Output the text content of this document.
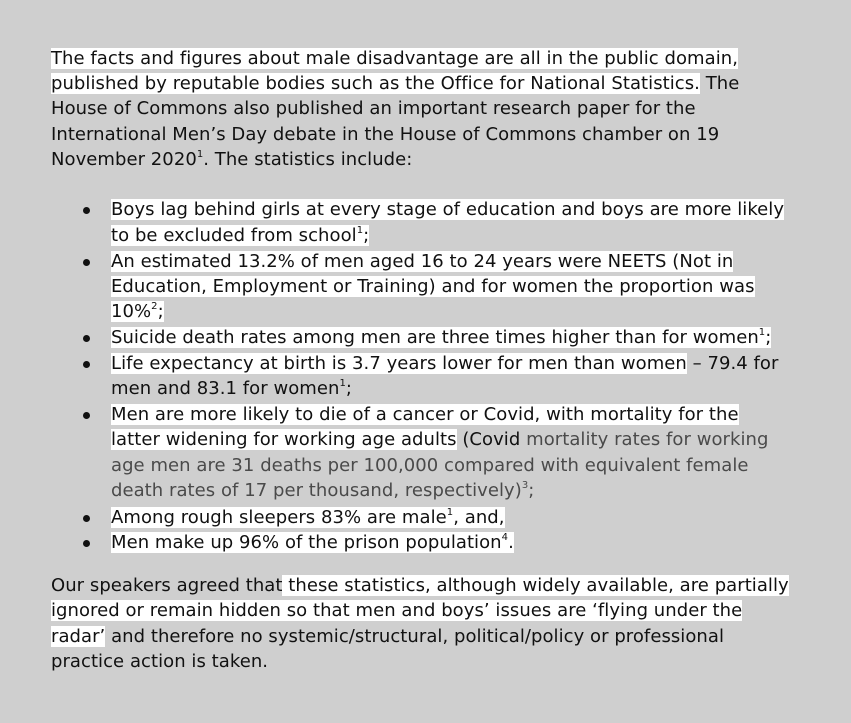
The facts and figures about male disadvantage are all in the public domain,
published by reputable bodies such as the Office for National Statistics. The
House of Commons also published an important research paper for the
International Men’s Day debate in the House of Commons chamber on 19
November 2020$^1$. The statistics include:
Boys lag behind girls at every stage of education and boys are more likely
to be excluded from school$^1$;
An estimated 13.2% of men aged 16 to 24 years were NEETS (Not in
Education, Employment or Training) and for women the proportion was
10%$^2$;
Suicide death rates among men are three times higher than for women$^1$;
Life expectancy at birth is 3.7 years lower for men than women – 79.4 for
men and 83.1 for women$^1$;
Men are more likely to die of a cancer or Covid, with mortality for the
latter widening for working age adults (Covid mortality rates for working
age men are 31 deaths per 100,000 compared with equivalent female
death rates of 17 per thousand, respectively)$^3$;
Among rough sleepers 83% are male$^1$, and,
Men make up 96% of the prison population$^4$.
Our speakers agreed that these statistics, although widely available, are partially
ignored or remain hidden so that men and boys’ issues are ‘flying under the
radar’ and therefore no systemic/structural, political/policy or professional
practice action is taken.
